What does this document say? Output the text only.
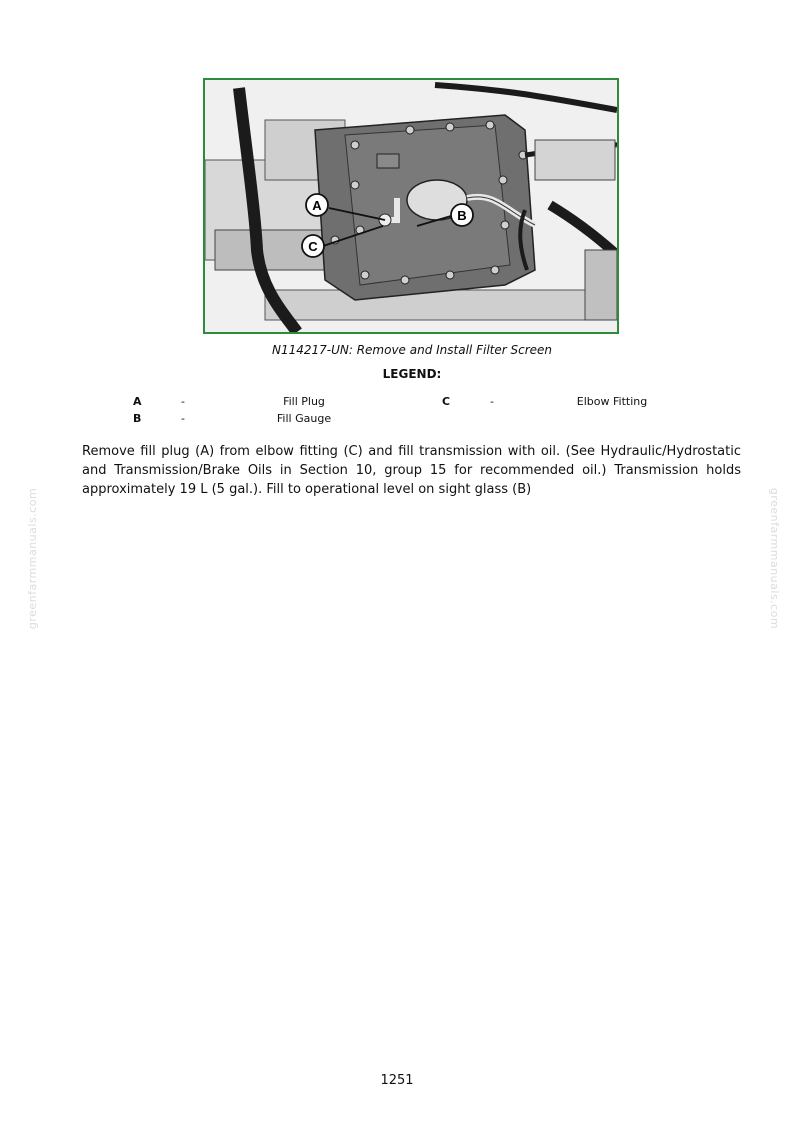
A
B
C
N114217-UN: Remove and Install Filter Screen
LEGEND:
A	-	Fill Plug	C	-	Elbow Fitting
B	-	Fill Gauge
Remove fill plug (A) from elbow fitting (C) and fill transmission with oil. (See Hydraulic/Hydrostatic and Transmission/Brake Oils in Section 10, group 15 for recommended oil.) Transmission holds approximately 19 L (5 gal.). Fill to operational level on sight glass (B)
greenfarmmanuals.com	greenfarmmanuals.com
1251
